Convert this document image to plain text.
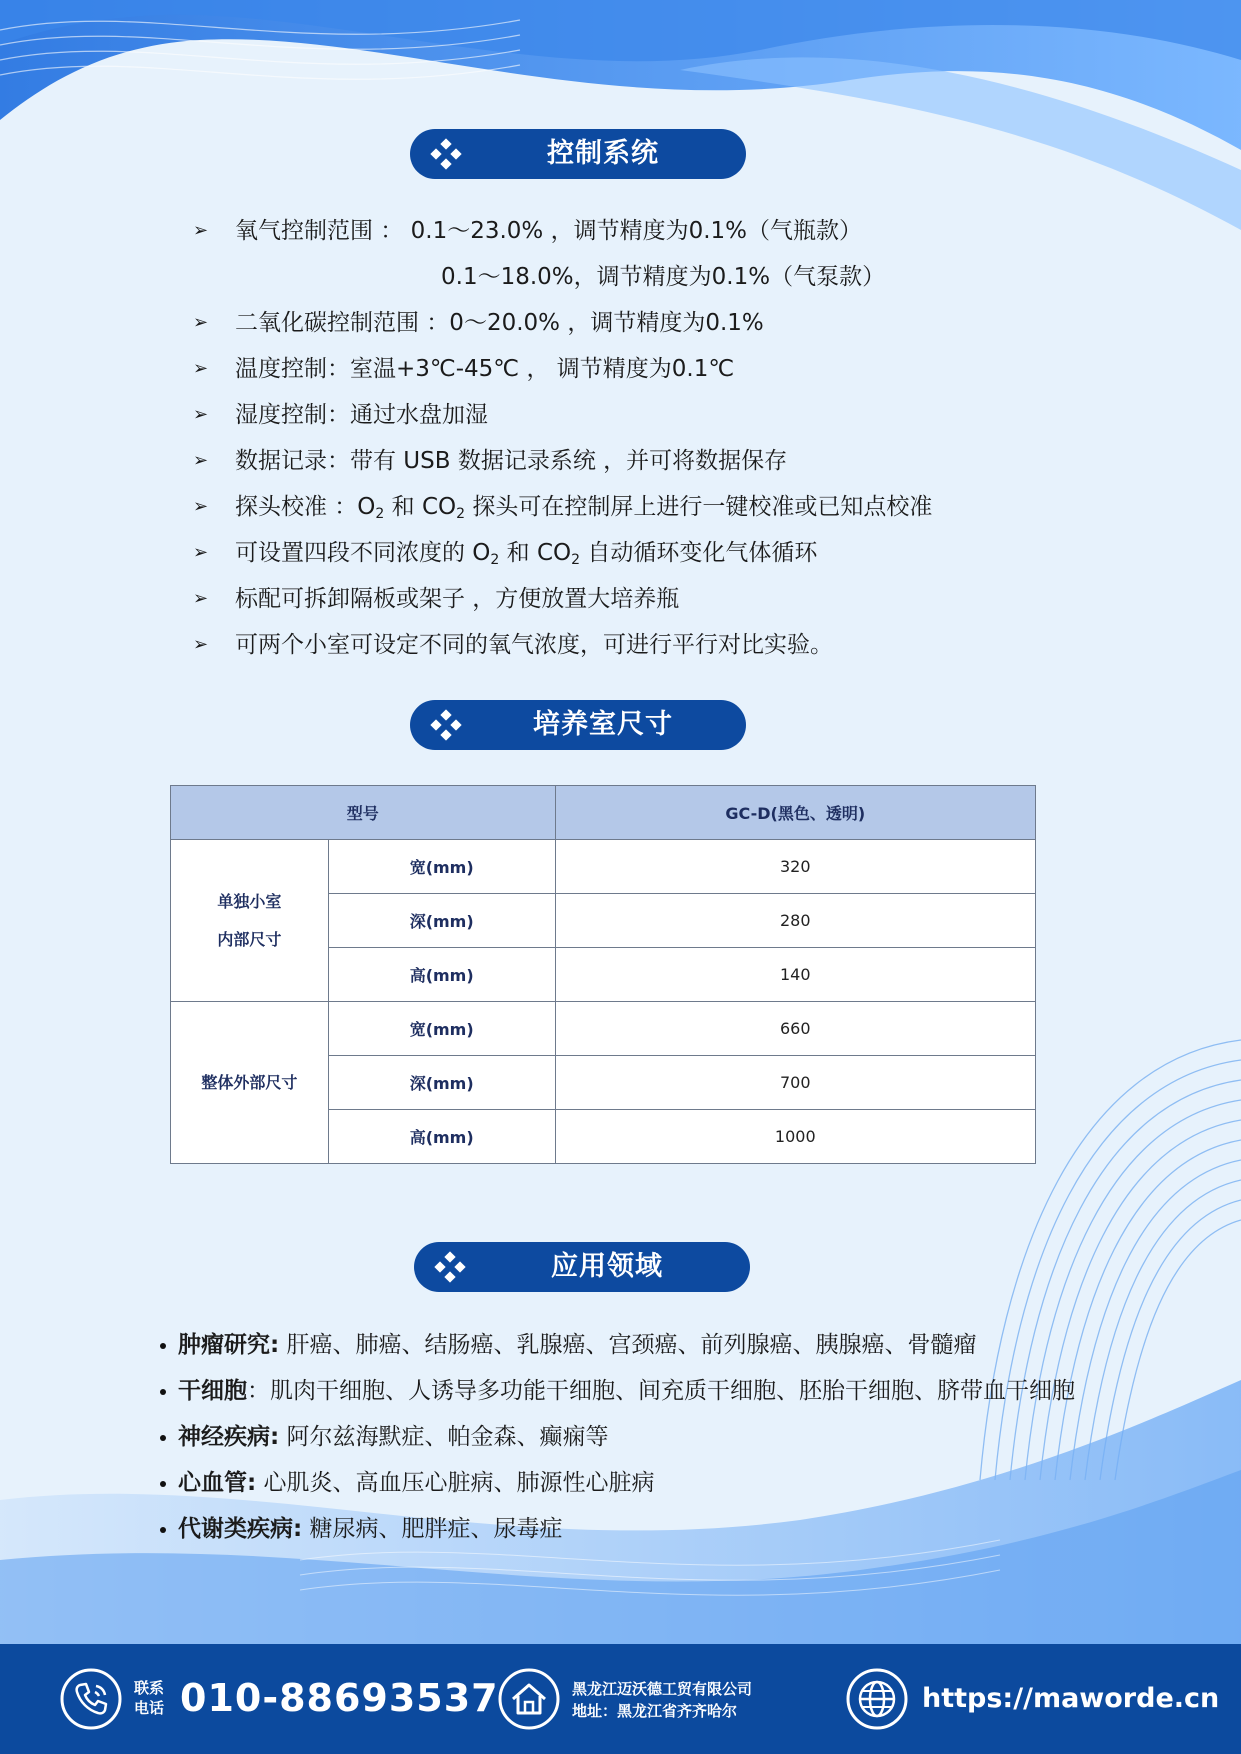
控制系统
➢ 氧气控制范围 ： 0.1～23.0% ，调节精度为0.1%（气瓶款）
0.1～18.0%，调节精度为0.1%（气泵款）
➢ 二氧化碳控制范围 ：0～20.0% ，调节精度为0.1%
➢ 温度控制：室温+3℃-45℃ ， 调节精度为0.1℃
➢ 湿度控制：通过水盘加湿
➢ 数据记录：带有 USB 数据记录系统 ，并可将数据保存
➢ 探头校准 ：$O_2$ 和 $CO_2$ 探头可在控制屏上进行一键校准或已知点校准
➢ 可设置四段不同浓度的 $O_2$ 和 $CO_2$ 自动循环变化气体循环
➢ 标配可拆卸隔板或架子 ，方便放置大培养瓶
➢ 可两个小室可设定不同的氧气浓度，可进行平行对比实验。
培养室尺寸
型号		GC-D(黑色、透明)
单独小室
内部尺寸	宽(mm)	320
	深(mm)	280
	高(mm)	140
整体外部尺寸	宽(mm)	660
	深(mm)	700
	高(mm)	1000
应用领域
肿瘤研究: 肝癌、肺癌、结肠癌、乳腺癌、宫颈癌、前列腺癌、胰腺癌、骨髓瘤
干细胞：肌肉干细胞、人诱导多功能干细胞、间充质干细胞、胚胎干细胞、脐带血干细胞
神经疾病: 阿尔兹海默症、帕金森、癫痫等
心血管: 心肌炎、高血压心脏病、肺源性心脏病
代谢类疾病: 糖尿病、肥胖症、尿毒症
联系
电话 010-88693537	黑龙江迈沃德工贸有限公司
地址：黑龙江省齐齐哈尔	https://maworde.cn
